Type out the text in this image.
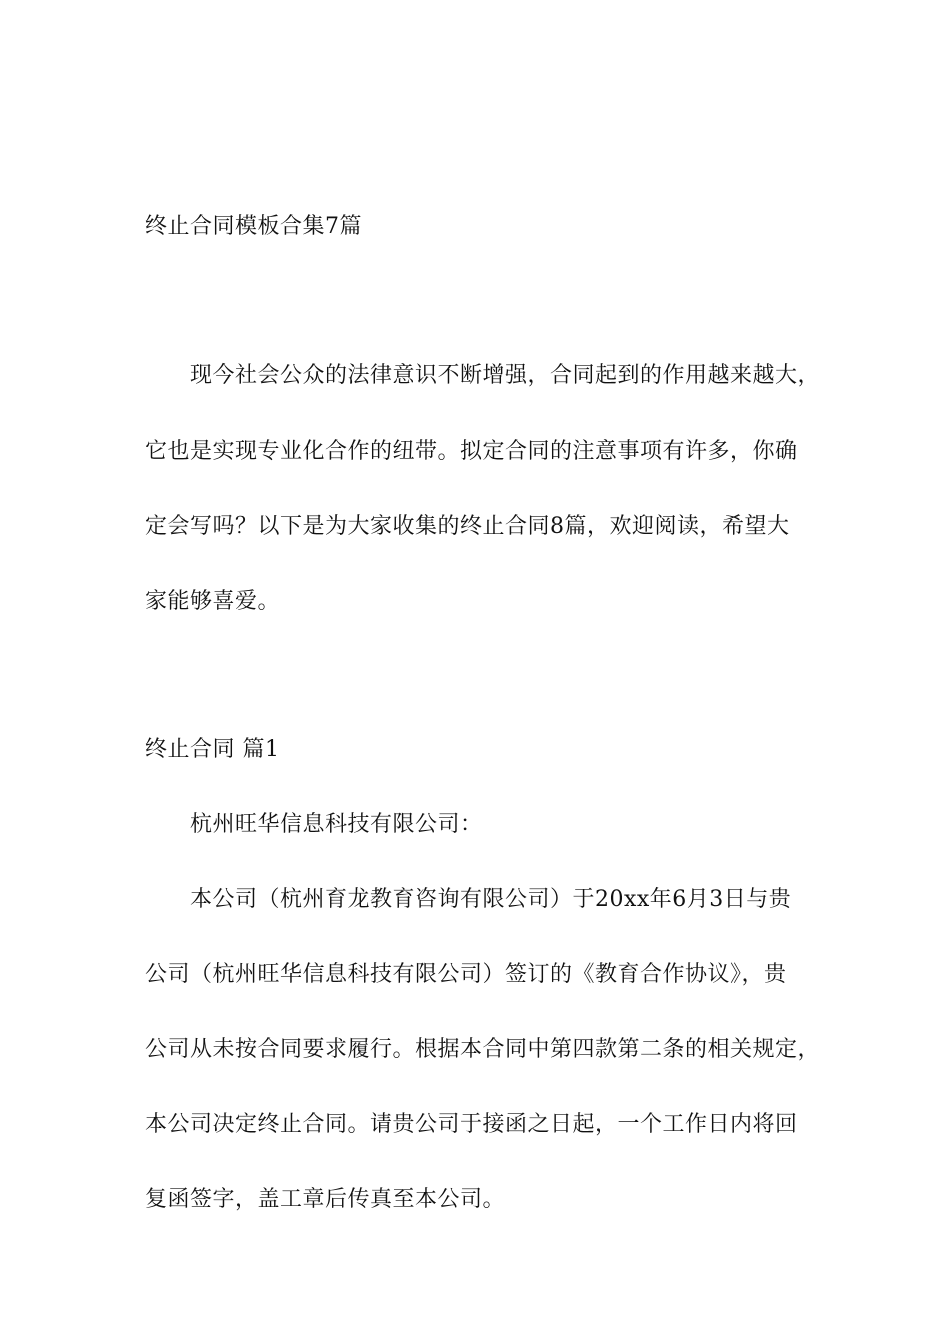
终止合同模板合集7篇
现今社会公众的法律意识不断增强，合同起到的作用越来越大，
它也是实现专业化合作的纽带。拟定合同的注意事项有许多，你确
定会写吗？以下是为大家收集的终止合同8篇，欢迎阅读，希望大
家能够喜爱。
终止合同 篇1
杭州旺华信息科技有限公司：
本公司（杭州育龙教育咨询有限公司）于20xx年6月3日与贵
公司（杭州旺华信息科技有限公司）签订的《教育合作协议》，贵
公司从未按合同要求履行。根据本合同中第四款第二条的相关规定，
本公司决定终止合同。请贵公司于接函之日起，一个工作日内将回
复函签字，盖工章后传真至本公司。
